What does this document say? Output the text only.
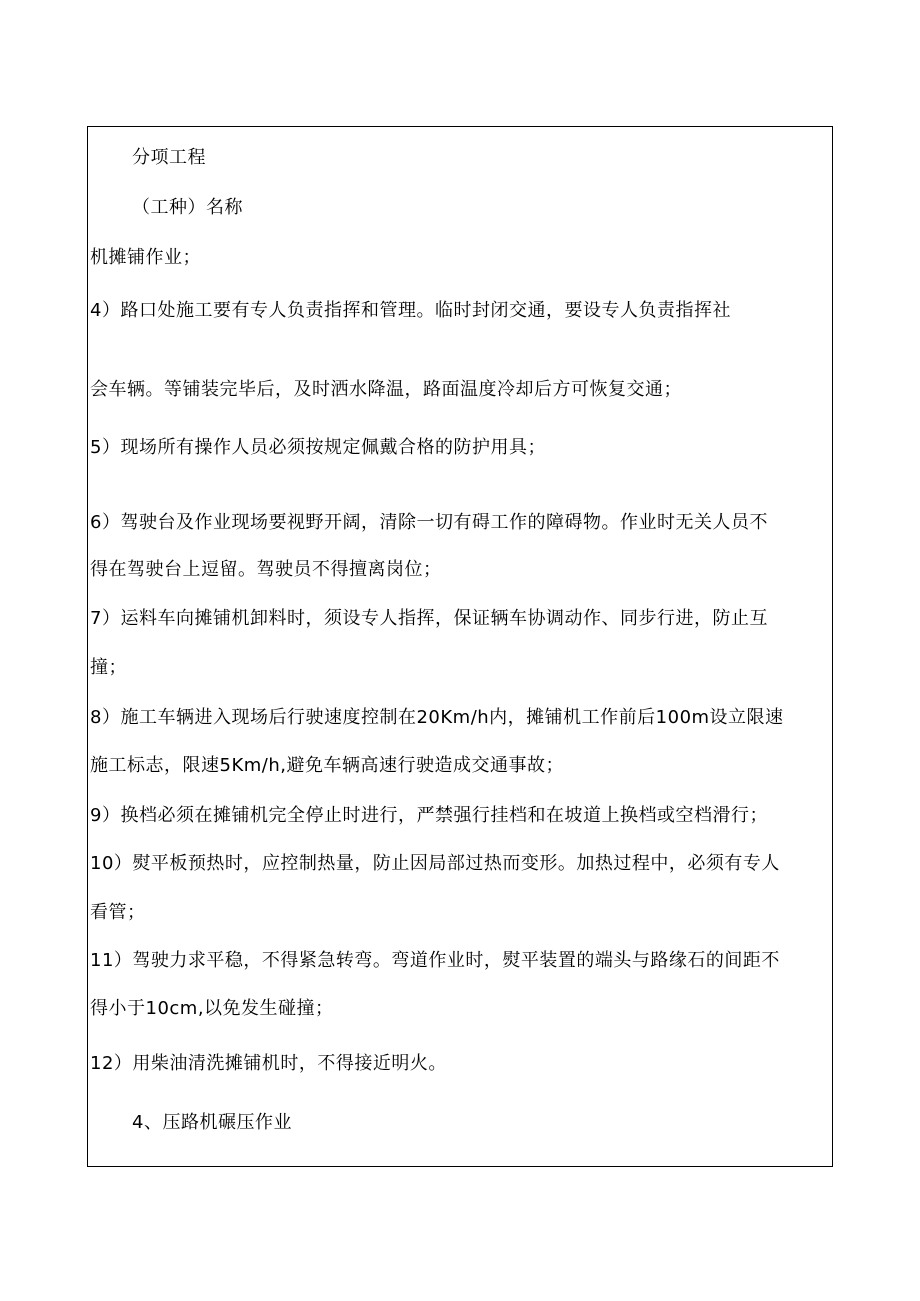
分项工程
（工种）名称
机摊铺作业；
4）路口处施工要有专人负责指挥和管理。临时封闭交通，要设专人负责指挥社
会车辆。等铺装完毕后，及时洒水降温，路面温度冷却后方可恢复交通；
5）现场所有操作人员必须按规定佩戴合格的防护用具；
6）驾驶台及作业现场要视野开阔，清除一切有碍工作的障碍物。作业时无关人员不
得在驾驶台上逗留。驾驶员不得擅离岗位；
7）运料车向摊铺机卸料时，须设专人指挥，保证辆车协调动作、同步行进，防止互
撞；
8）施工车辆进入现场后行驶速度控制在20Km/h内，摊铺机工作前后100m设立限速
施工标志，限速5Km/h,避免车辆高速行驶造成交通事故；
9）换档必须在摊铺机完全停止时进行，严禁强行挂档和在坡道上换档或空档滑行；
10）熨平板预热时，应控制热量，防止因局部过热而变形。加热过程中，必须有专人
看管；
11）驾驶力求平稳，不得紧急转弯。弯道作业时，熨平装置的端头与路缘石的间距不
得小于10cm,以免发生碰撞；
12）用柴油清洗摊铺机时，不得接近明火。
4、压路机碾压作业
